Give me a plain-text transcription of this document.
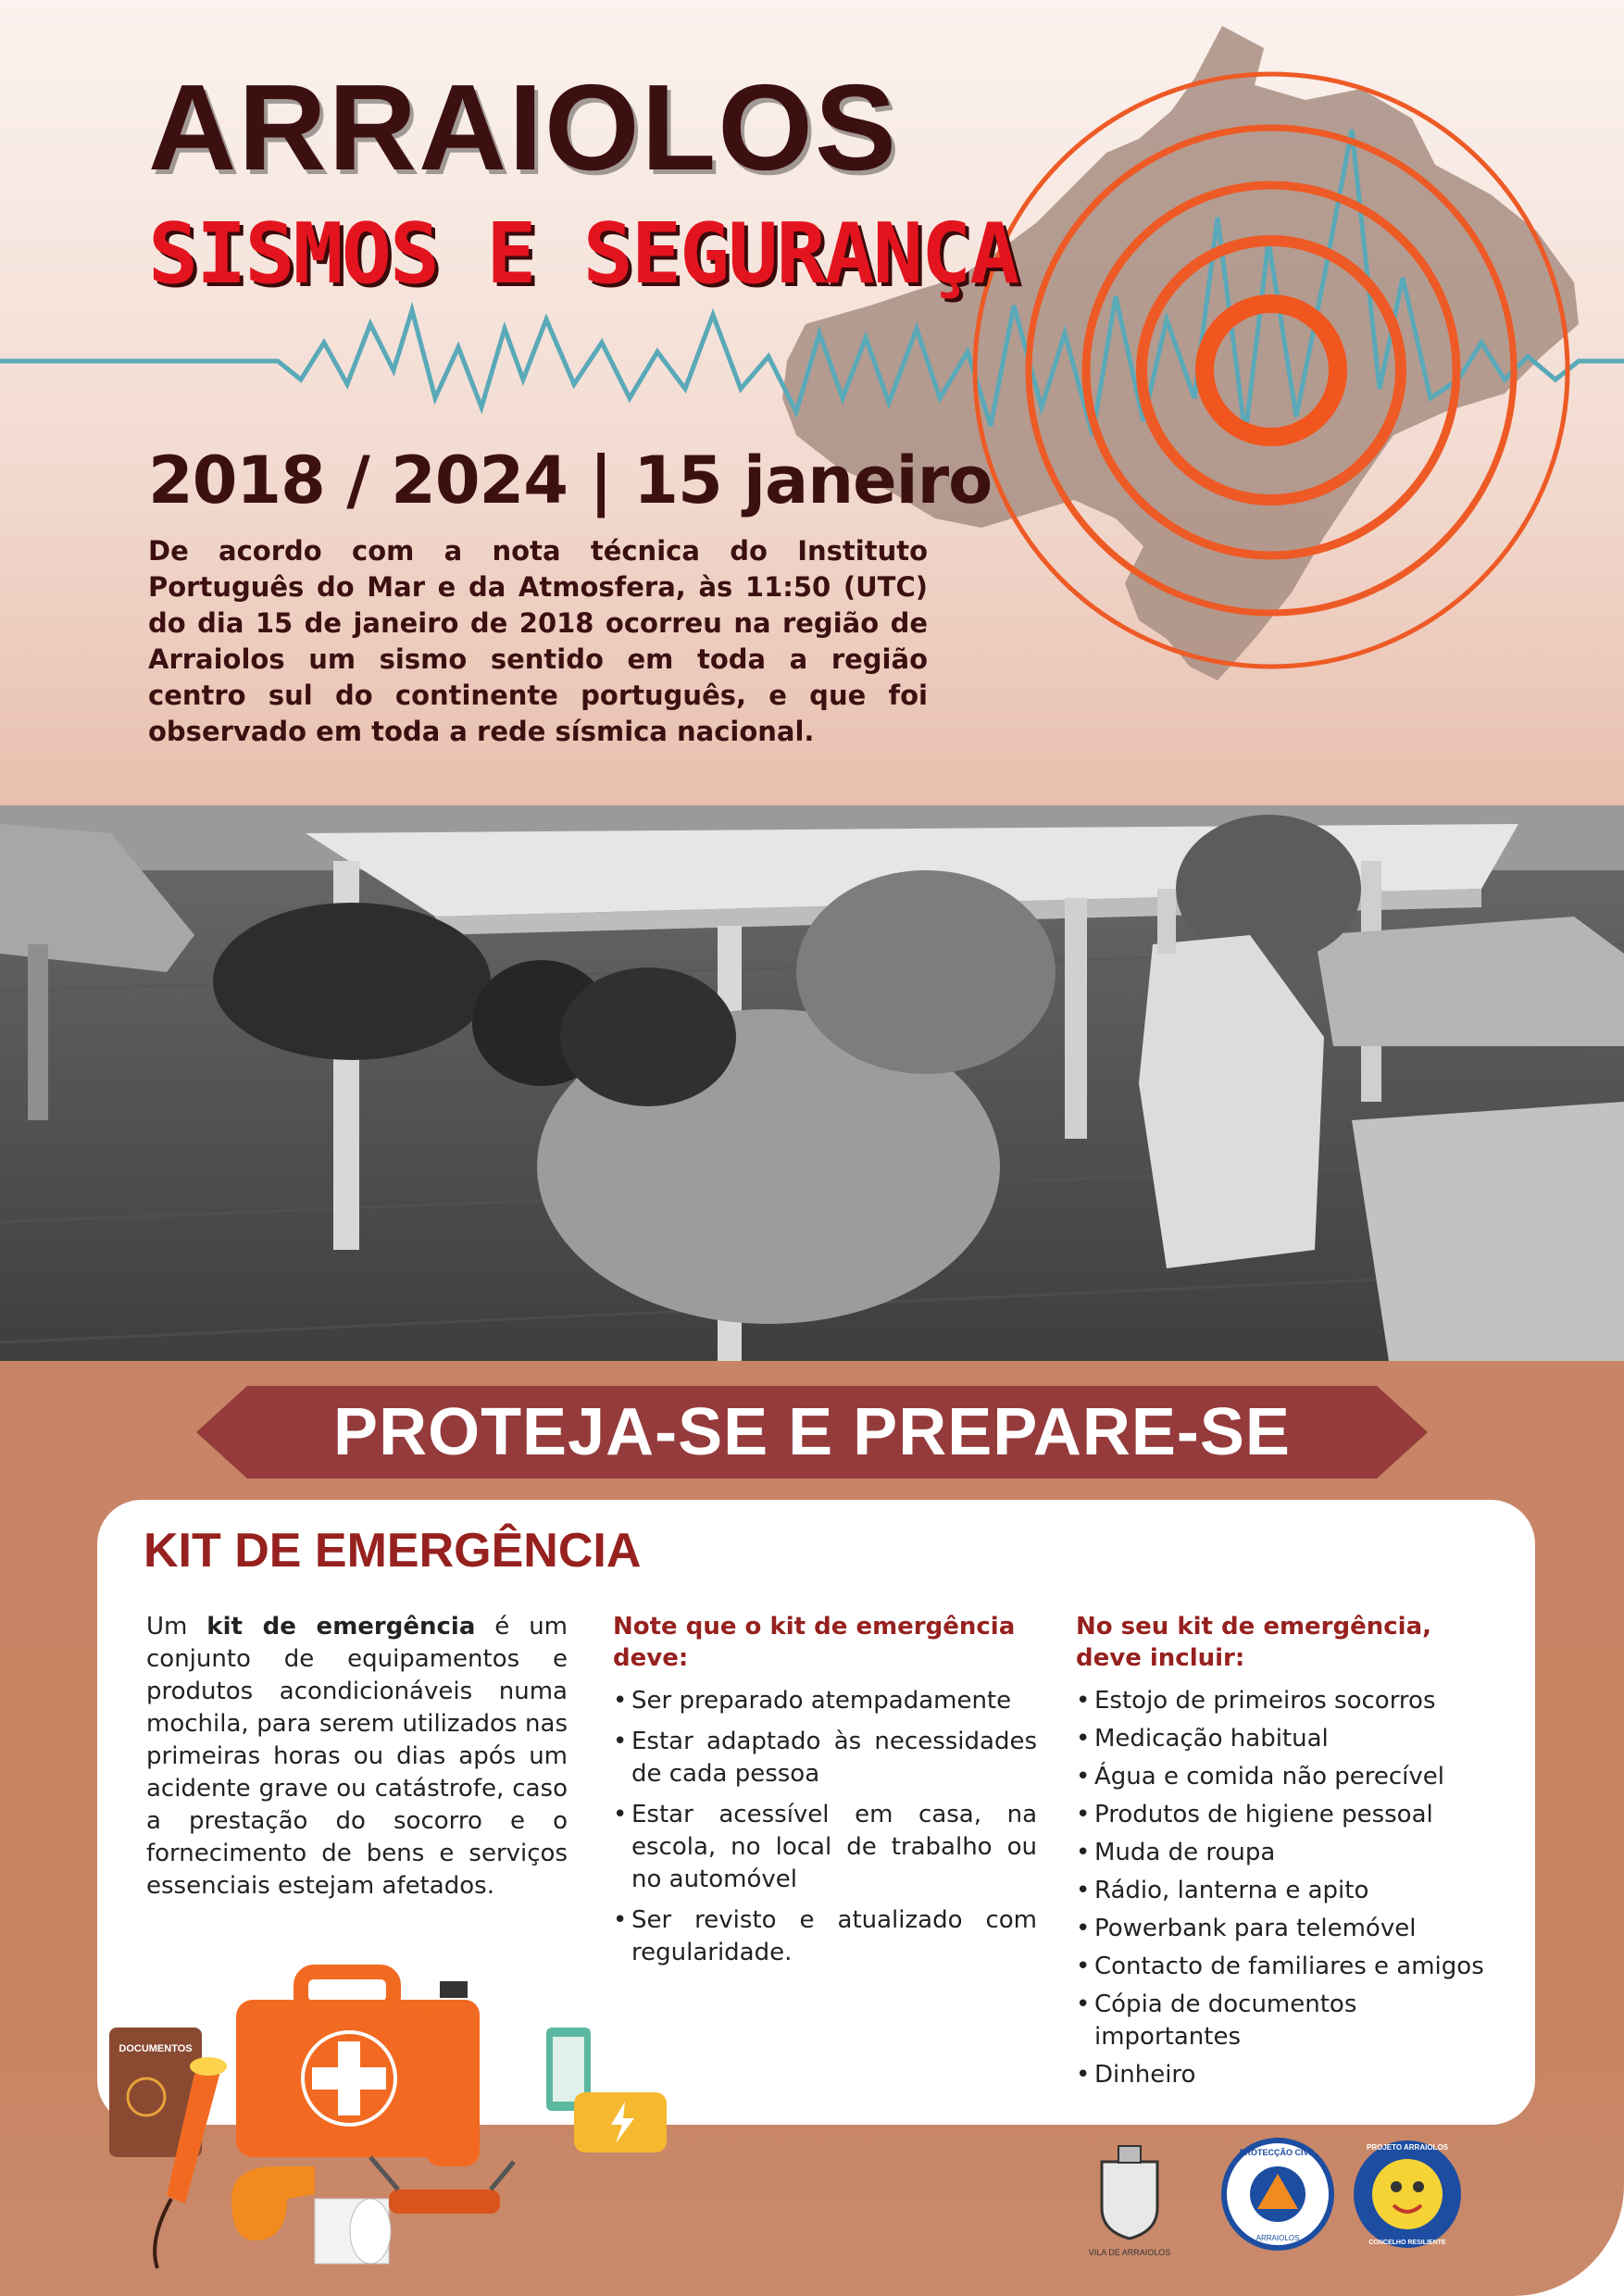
ARRAIOLOS
SISMOS E SEGURANÇA
2018 / 2024 | 15 janeiro
De acordo com a nota técnica do Instituto Português do Mar e da Atmosfera, às 11:50 (UTC) do dia 15 de janeiro de 2018 ocorreu na região de Arraiolos um sismo sentido em toda a região centro sul do continente português, e que foi observado em toda a rede sísmica nacional.
PROTEJA-SE E PREPARE-SE
KIT DE EMERGÊNCIA
Um kit de emergência é um conjunto de equipamentos e produtos acondicionáveis numa mochila, para serem utilizados nas primeiras horas ou dias após um acidente grave ou catástrofe, caso a prestação do socorro e o fornecimento de bens e serviços essenciais estejam afetados.
Note que o kit de emergência deve:
• Ser preparado atempadamente
• Estar adaptado às necessidades de cada pessoa
• Estar acessível em casa, na escola, no local de trabalho ou no automóvel
• Ser revisto e atualizado com regularidade.
No seu kit de emergência, deve incluir:
• Estojo de primeiros socorros
• Medicação habitual
• Água e comida não perecível
• Produtos de higiene pessoal
• Muda de roupa
• Rádio, lanterna e apito
• Powerbank para telemóvel
• Contacto de familiares e amigos
• Cópia de documentos importantes
• Dinheiro
DOCUMENTOS
VILA DE ARRAIOLOS
PROTECÇÃO CIVIL
ARRAIOLOS
PROJETO ARRAIOLOS
CONCELHO RESILIENTE
